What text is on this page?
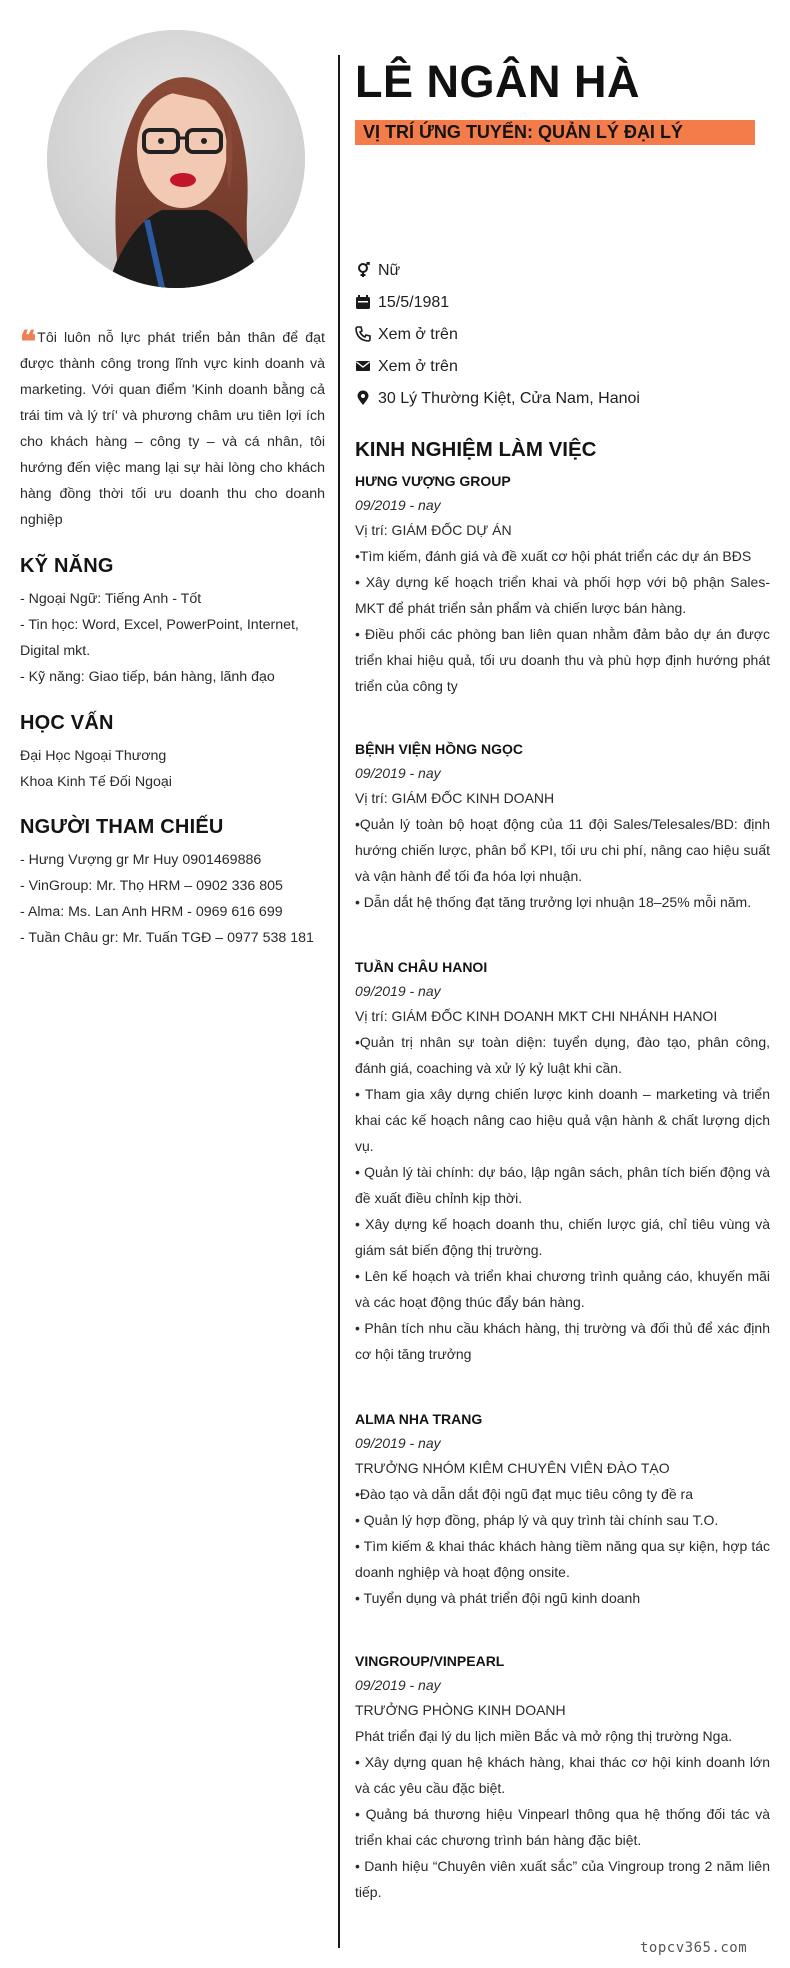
❝ Tôi luôn nỗ lực phát triển bản thân để đạt được thành công trong lĩnh vực kinh doanh và marketing. Với quan điểm 'Kinh doanh bằng cả trái tim và lý trí' và phương châm ưu tiên lợi ích cho khách hàng – công ty – và cá nhân, tôi hướng đến việc mang lại sự hài lòng cho khách hàng đồng thời tối ưu doanh thu cho doanh nghiệp
KỸ NĂNG

- Ngoại Ngữ: Tiếng Anh - Tốt

- Tin học: Word, Excel, PowerPoint, Internet, Digital mkt.

- Kỹ năng: Giao tiếp, bán hàng, lãnh đạo

HỌC VẤN

Đại Học Ngoại Thương

Khoa Kinh Tế Đối Ngoại

NGƯỜI THAM CHIẾU

- Hưng Vượng gr Mr Huy 0901469886

- VinGroup: Mr. Thọ HRM – 0902 336 805

- Alma: Ms. Lan Anh HRM - 0969 616 699

- Tuần Châu gr: Mr. Tuấn TGĐ – 0977 538 181

LÊ NGÂN HÀ
VỊ TRÍ ỨNG TUYỂN: QUẢN LÝ ĐẠI LÝ
Nữ
15/5/1981
Xem ở trên
Xem ở trên
30 Lý Thường Kiệt, Cửa Nam, Hanoi
KINH NGHIỆM LÀM VIỆC
HƯNG VƯỢNG GROUP
09/2019 - nay
Vị trí: GIÁM ĐỐC DỰ ÁN

•Tìm kiếm, đánh giá và đề xuất cơ hội phát triển các dự án BĐS

• Xây dựng kế hoạch triển khai và phối hợp với bộ phận Sales-MKT để phát triển sản phẩm và chiến lược bán hàng.

• Điều phối các phòng ban liên quan nhằm đảm bảo dự án được triển khai hiệu quả, tối ưu doanh thu và phù hợp định hướng phát triển của công ty

BỆNH VIỆN HỒNG NGỌC
09/2019 - nay
Vị trí: GIÁM ĐỐC KINH DOANH

•Quản lý toàn bộ hoạt động của 11 đội Sales/Telesales/BD: định hướng chiến lược, phân bổ KPI, tối ưu chi phí, nâng cao hiệu suất và vận hành để tối đa hóa lợi nhuận.

• Dẫn dắt hệ thống đạt tăng trưởng lợi nhuận 18–25% mỗi năm.

TUẦN CHÂU HANOI
09/2019 - nay
Vị trí: GIÁM ĐỐC KINH DOANH MKT CHI NHÁNH HANOI

•Quản trị nhân sự toàn diện: tuyển dụng, đào tạo, phân công, đánh giá, coaching và xử lý kỷ luật khi cần.

• Tham gia xây dựng chiến lược kinh doanh – marketing và triển khai các kế hoạch nâng cao hiệu quả vận hành & chất lượng dịch vụ.

• Quản lý tài chính: dự báo, lập ngân sách, phân tích biến động và đề xuất điều chỉnh kịp thời.

• Xây dựng kế hoạch doanh thu, chiến lược giá, chỉ tiêu vùng và giám sát biến động thị trường.

• Lên kế hoạch và triển khai chương trình quảng cáo, khuyến mãi và các hoạt động thúc đẩy bán hàng.

• Phân tích nhu cầu khách hàng, thị trường và đối thủ để xác định cơ hội tăng trưởng

ALMA NHA TRANG
09/2019 - nay
TRƯỞNG NHÓM KIÊM CHUYÊN VIÊN ĐÀO TẠO

•Đào tạo và dẫn dắt đội ngũ đạt mục tiêu công ty đề ra

• Quản lý hợp đồng, pháp lý và quy trình tài chính sau T.O.

• Tìm kiếm & khai thác khách hàng tiềm năng qua sự kiện, hợp tác doanh nghiệp và hoạt động onsite.

• Tuyển dụng và phát triển đội ngũ kinh doanh

VINGROUP/VINPEARL
09/2019 - nay
TRƯỞNG PHÒNG KINH DOANH

Phát triển đại lý du lịch miền Bắc và mở rộng thị trường Nga.

• Xây dựng quan hệ khách hàng, khai thác cơ hội kinh doanh lớn và các yêu cầu đặc biệt.

• Quảng bá thương hiệu Vinpearl thông qua hệ thống đối tác và triển khai các chương trình bán hàng đặc biệt.

• Danh hiệu “Chuyên viên xuất sắc” của Vingroup trong 2 năm liên tiếp.

topcv365.com
